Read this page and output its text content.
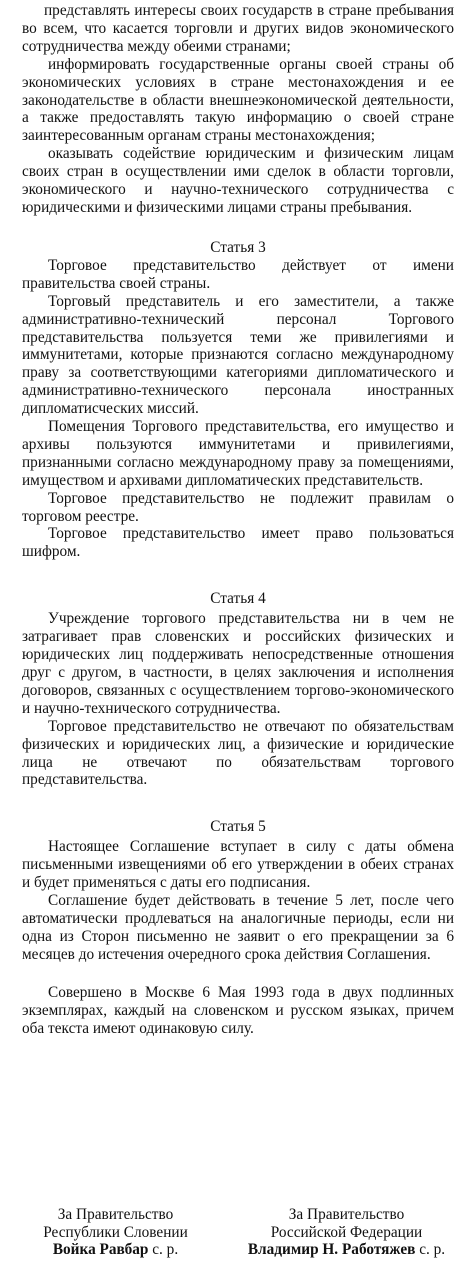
представлять интересы своих государств в стране пребывания во всем, что касается торговли и других видов экономического сотрудничества между обеими странами;

информировать государственные органы своей страны об экономических условиях в стране местонахождения и ее законодательстве в области внешнеэкономической деятельности, а также предоставлять такую информацию о своей стране заинтересованным органам страны местонахождения;

оказывать содействие юридическим и физическим лицам своих стран в осуществлении ими сделок в области торговли, экономического и научно-технического сотрудничества с юридическими и физическими лицами страны пребывания.

Статья 3

Торговое представительство действует от имени правительства своей страны.

Торговый представитель и его заместители, а также административно-технический персонал Торгового представительства пользуется теми же привилегиями и иммунитетами, которые признаются согласно международному праву за соответствующими категориями дипломатического и административно-технического персонала иностранных дипломатисческих миссий.

Помещения Торгового представительства, его имущество и архивы пользуются иммунитетами и привилегиями, признанными согласно международному праву за помещениями, имуществом и архивами дипломатических представительств.

Торговое представительство не подлежит правилам о торговом реестре.

Торговое представительство имеет право пользоваться шифром.

Статья 4

Учреждение торгового представительства ни в чем не затрагивает прав словенских и российских физических и юридических лиц поддерживать непосредственные отношения друг с другом, в частности, в целях заключения и исполнения договоров, связанных с осуществлением торгово-экономического и научно-технического сотрудничества.

Торговое представительство не отвечают по обязательствам физических и юридических лиц, а физические и юридические лица не отвечают по обязательствам торгового представительства.

Статья 5

Настоящее Соглашение вступает в силу с даты обмена письменными извещениями об его утверждении в обеих странах и будет применяться с даты его подписания.

Соглашение будет действовать в течение 5 лет, после чего автоматически продлеваться на аналогичные периоды, если ни одна из Сторон письменно не заявит о его прекращении за 6 месяцев до истечения очередного срока действия Соглашения.

Совершено в Москве 6 Мая 1993 года в двух подлинных экземплярах, каждый на словенском и русском языках, причем оба текста имеют одинаковую силу.

За Правительство
Республики Словении
Войка Равбар с. р.
За Правительство
Российской Федерации
Владимир Н. Работяжев с. р.
